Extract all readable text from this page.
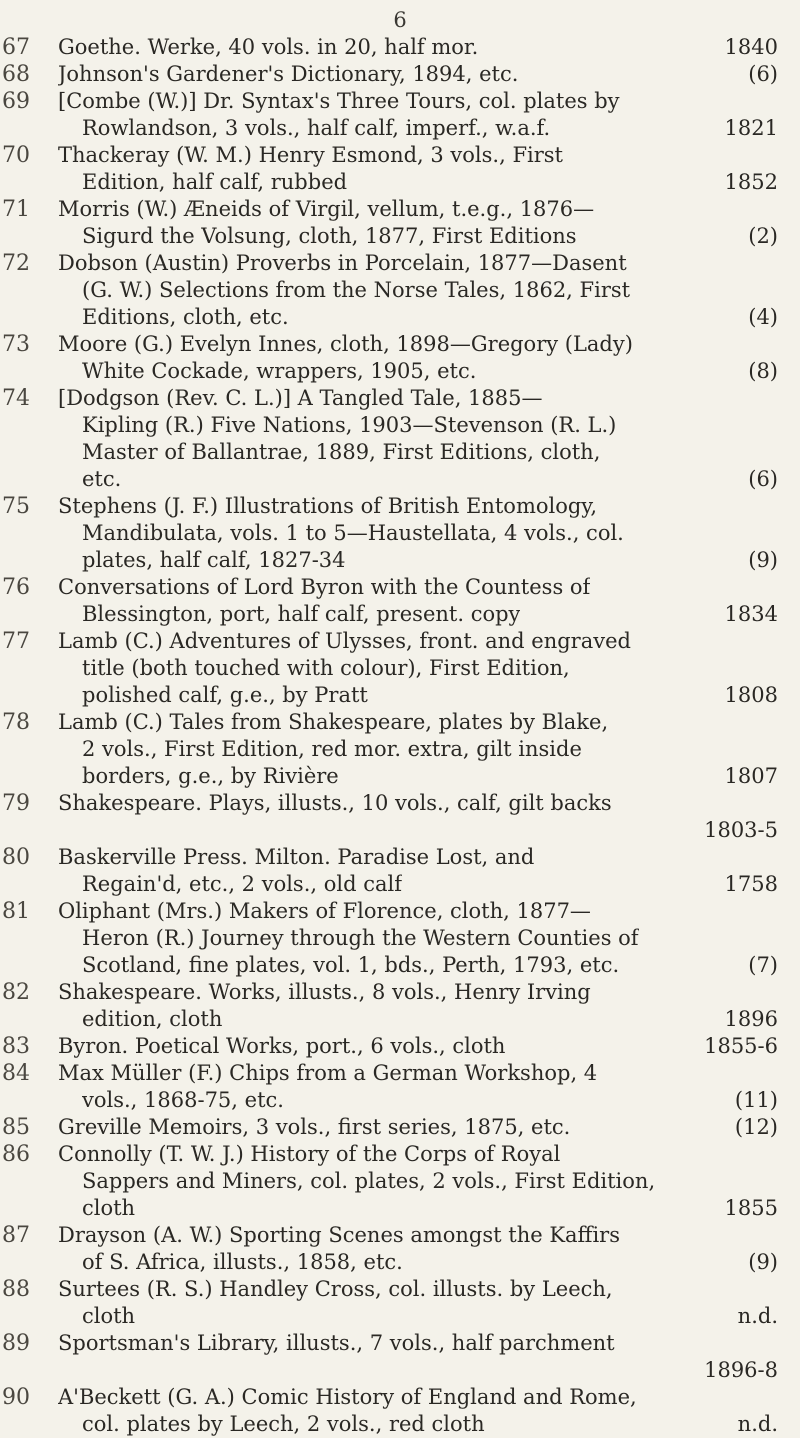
6
67	Goethe. Werke, 40 vols. in 20, half mor.	1840
68	Johnson's Gardener's Dictionary, 1894, etc.	(6)
69	[Combe (W.)] Dr. Syntax's Three Tours, col. plates by
Rowlandson, 3 vols., half calf, imperf., w.a.f.	1821
70	Thackeray (W. M.) Henry Esmond, 3 vols., First
Edition, half calf, rubbed	1852
71	Morris (W.) Æneids of Virgil, vellum, t.e.g., 1876—
Sigurd the Volsung, cloth, 1877, First Editions	(2)
72	Dobson (Austin) Proverbs in Porcelain, 1877—Dasent
(G. W.) Selections from the Norse Tales, 1862, First
Editions, cloth, etc.	(4)
73	Moore (G.) Evelyn Innes, cloth, 1898—Gregory (Lady)
White Cockade, wrappers, 1905, etc.	(8)
74	[Dodgson (Rev. C. L.)] A Tangled Tale, 1885—
Kipling (R.) Five Nations, 1903—Stevenson (R. L.)
Master of Ballantrae, 1889, First Editions, cloth,
etc.	(6)
75	Stephens (J. F.) Illustrations of British Entomology,
Mandibulata, vols. 1 to 5—Haustellata, 4 vols., col.
plates, half calf, 1827-34	(9)
76	Conversations of Lord Byron with the Countess of
Blessington, port, half calf, present. copy	1834
77	Lamb (C.) Adventures of Ulysses, front. and engraved
title (both touched with colour), First Edition,
polished calf, g.e., by Pratt	1808
78	Lamb (C.) Tales from Shakespeare, plates by Blake,
2 vols., First Edition, red mor. extra, gilt inside
borders, g.e., by Rivière	1807
79	Shakespeare. Plays, illusts., 10 vols., calf, gilt backs
1803-5
80	Baskerville Press. Milton. Paradise Lost, and
Regain'd, etc., 2 vols., old calf	1758
81	Oliphant (Mrs.) Makers of Florence, cloth, 1877—
Heron (R.) Journey through the Western Counties of
Scotland, fine plates, vol. 1, bds., Perth, 1793, etc.	(7)
82	Shakespeare. Works, illusts., 8 vols., Henry Irving
edition, cloth	1896
83	Byron. Poetical Works, port., 6 vols., cloth	1855-6
84	Max Müller (F.) Chips from a German Workshop, 4
vols., 1868-75, etc.	(11)
85	Greville Memoirs, 3 vols., first series, 1875, etc.	(12)
86	Connolly (T. W. J.) History of the Corps of Royal
Sappers and Miners, col. plates, 2 vols., First Edition,
cloth	1855
87	Drayson (A. W.) Sporting Scenes amongst the Kaffirs
of S. Africa, illusts., 1858, etc.	(9)
88	Surtees (R. S.) Handley Cross, col. illusts. by Leech,
cloth	n.d.
89	Sportsman's Library, illusts., 7 vols., half parchment
1896-8
90	A'Beckett (G. A.) Comic History of England and Rome,
col. plates by Leech, 2 vols., red cloth	n.d.
